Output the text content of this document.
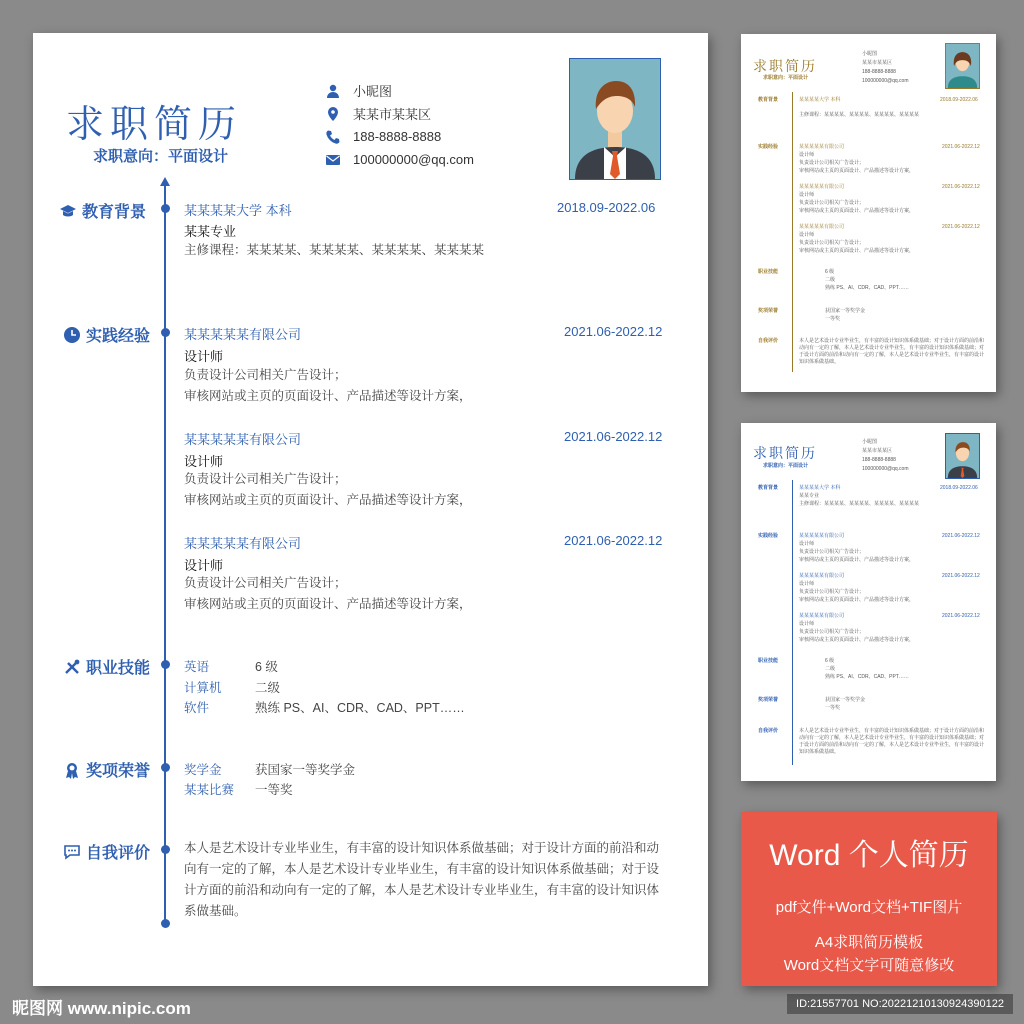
求职简历
求职意向：平面设计
小昵图
某某市某某区
188-8888-8888
100000000@qq.com
教育背景
实践经验
职业技能
奖项荣誉
自我评价
某某某某大学 本科	2018.09-2022.06
某某专业
主修课程：某某某某、某某某某、某某某某、某某某某
某某某某某有限公司	2021.06-2022.12
设计师
负责设计公司相关广告设计；
审核网站或主页的页面设计、产品描述等设计方案，
某某某某某有限公司	2021.06-2022.12
设计师
负责设计公司相关广告设计；
审核网站或主页的页面设计、产品描述等设计方案，
某某某某某有限公司	2021.06-2022.12
设计师
负责设计公司相关广告设计；
审核网站或主页的页面设计、产品描述等设计方案，
英语	6 级
计算机	二级
软件	熟练 PS、AI、CDR、CAD、PPT……
奖学金	获国家一等奖学金
某某比赛 一等奖
本人是艺术设计专业毕业生，有丰富的设计知识体系做基础；对于设计方面的前沿和动向有一定的了解，本人是艺术设计专业毕业生，有丰富的设计知识体系做基础；对于设计方面的前沿和动向有一定的了解，本人是艺术设计专业毕业生，有丰富的设计知识体系做基础。
求职简历
求职意向：平面设计
小昵图
某某市某某区
188-8888-8888
100000000@qq.com
教育背景	某某某某大学 本科	2018.09-2022.06
主修课程：某某某某、某某某某、某某某某、某某某某
实践经验	某某某某某有限公司	2021.06-2022.12
设计师
负责设计公司相关广告设计；
审核网站或主页的页面设计、产品描述等设计方案，
某某某某某有限公司	2021.06-2022.12
设计师
负责设计公司相关广告设计；
审核网站或主页的页面设计、产品描述等设计方案，
某某某某某有限公司	2021.06-2022.12
设计师
负责设计公司相关广告设计；
审核网站或主页的页面设计、产品描述等设计方案，
职业技能	6 级
二级
熟练 PS、AI、CDR、CAD、PPT……
奖项荣誉	获国家一等奖学金
一等奖
自我评价	本人是艺术设计专业毕业生，有丰富的设计知识体系做基础；对于设计方面的前沿和动向有一定的了解，本人是艺术设计专业毕业生，有丰富的设计知识体系做基础；对于设计方面的前沿和动向有一定的了解，本人是艺术设计专业毕业生，有丰富的设计知识体系做基础。
求职简历
求职意向：平面设计
小昵图
某某市某某区
188-8888-8888
100000000@qq.com
教育背景	某某某某大学 本科	2018.09-2022.06
某某专业
主修课程：某某某某、某某某某、某某某某、某某某某
实践经验	某某某某某有限公司	2021.06-2022.12
设计师
负责设计公司相关广告设计；
审核网站或主页的页面设计、产品描述等设计方案，
某某某某某有限公司	2021.06-2022.12
设计师
负责设计公司相关广告设计；
审核网站或主页的页面设计、产品描述等设计方案，
某某某某某有限公司	2021.06-2022.12
设计师
负责设计公司相关广告设计；
审核网站或主页的页面设计、产品描述等设计方案，
职业技能	6 级
二级
熟练 PS、AI、CDR、CAD、PPT……
奖项荣誉	获国家一等奖学金
一等奖
自我评价	本人是艺术设计专业毕业生，有丰富的设计知识体系做基础；对于设计方面的前沿和动向有一定的了解，本人是艺术设计专业毕业生，有丰富的设计知识体系做基础；对于设计方面的前沿和动向有一定的了解，本人是艺术设计专业毕业生，有丰富的设计知识体系做基础。
Word 个人简历
pdf文件+Word文档+TIF图片
A4求职简历模板
Word文档文字可随意修改
昵图网 www.nipic.com	ID:21557701 NO:20221210130924390122
